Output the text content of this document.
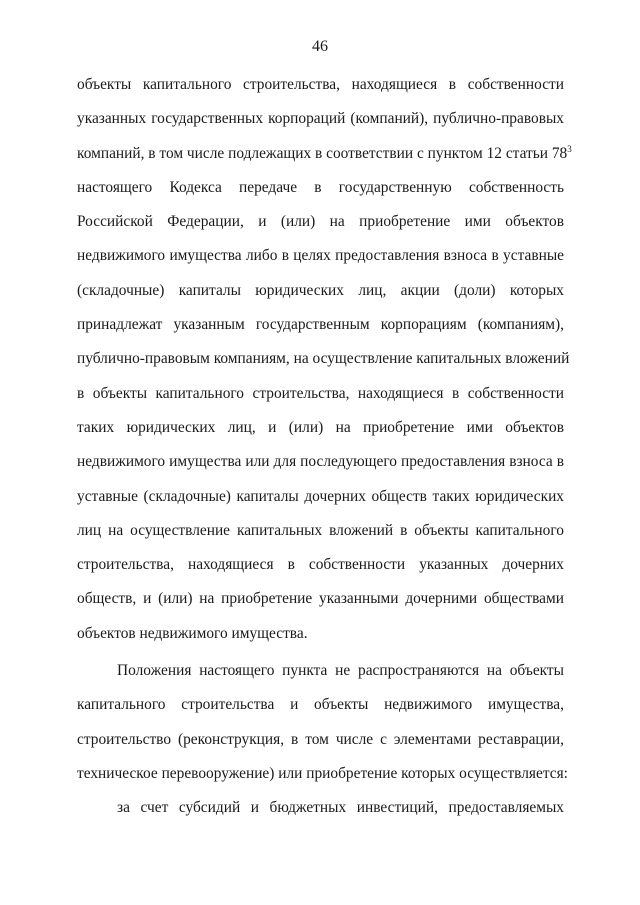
46
объекты капитального строительства, находящиеся в собственности
указанных государственных корпораций (компаний), публично-правовых
компаний, в том числе подлежащих в соответствии с пунктом 12 статьи $78^3$
настоящего Кодекса передаче в государственную собственность
Российской Федерации, и (или) на приобретение ими объектов
недвижимого имущества либо в целях предоставления взноса в уставные
(складочные) капиталы юридических лиц, акции (доли) которых
принадлежат указанным государственным корпорациям (компаниям),
публично-правовым компаниям, на осуществление капитальных вложений
в объекты капитального строительства, находящиеся в собственности
таких юридических лиц, и (или) на приобретение ими объектов
недвижимого имущества или для последующего предоставления взноса в
уставные (складочные) капиталы дочерних обществ таких юридических
лиц на осуществление капитальных вложений в объекты капитального
строительства, находящиеся в собственности указанных дочерних
обществ, и (или) на приобретение указанными дочерними обществами
объектов недвижимого имущества.
Положения настоящего пункта не распространяются на объекты
капитального строительства и объекты недвижимого имущества,
строительство (реконструкция, в том числе с элементами реставрации,
техническое перевооружение) или приобретение которых осуществляется:
за счет субсидий и бюджетных инвестиций, предоставляемых
